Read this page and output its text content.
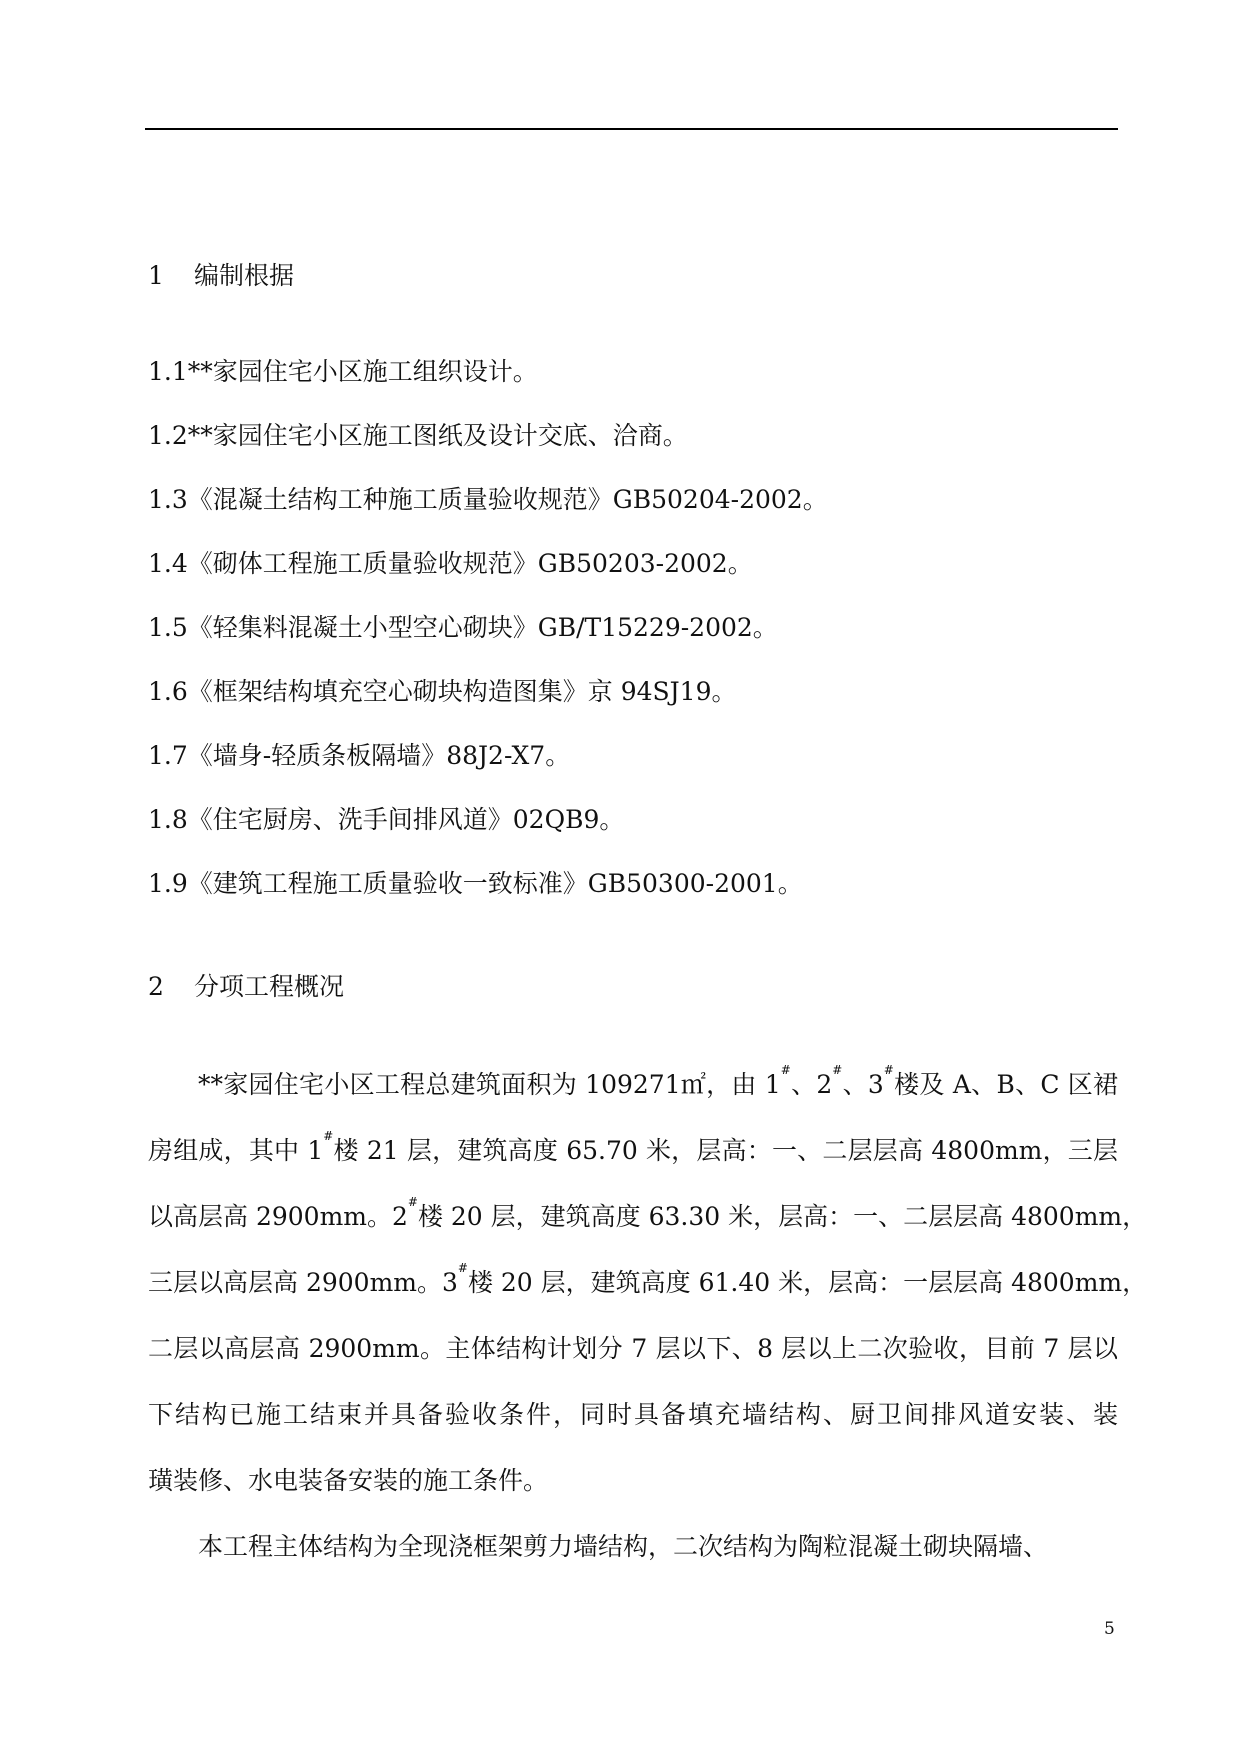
1 编制根据
1.1**家园住宅小区施工组织设计。
1.2**家园住宅小区施工图纸及设计交底、洽商。
1.3《混凝土结构工种施工质量验收规范》GB50204-2002。
1.4《砌体工程施工质量验收规范》GB50203-2002。
1.5《轻集料混凝土小型空心砌块》GB/T15229-2002。
1.6《框架结构填充空心砌块构造图集》京 94SJ19。
1.7《墙身-轻质条板隔墙》88J2-X7。
1.8《住宅厨房、洗手间排风道》02QB9。
1.9《建筑工程施工质量验收一致标准》GB50300-2001。
2 分项工程概况
**家园住宅小区工程总建筑面积为 109271㎡，由 1#、2#、3#楼及 A、B、C 区裙
房组成，其中 1#楼 21 层，建筑高度 65.70 米，层高：一、二层层高 4800mm，三层
以高层高 2900mm。2#楼 20 层，建筑高度 63.30 米，层高：一、二层层高 4800mm，
三层以高层高 2900mm。3#楼 20 层，建筑高度 61.40 米，层高：一层层高 4800mm，
二层以高层高 2900mm。主体结构计划分 7 层以下、8 层以上二次验收，目前 7 层以
下结构已施工结束并具备验收条件，同时具备填充墙结构、厨卫间排风道安装、装
璜装修、水电装备安装的施工条件。
本工程主体结构为全现浇框架剪力墙结构，二次结构为陶粒混凝土砌块隔墙、
5
